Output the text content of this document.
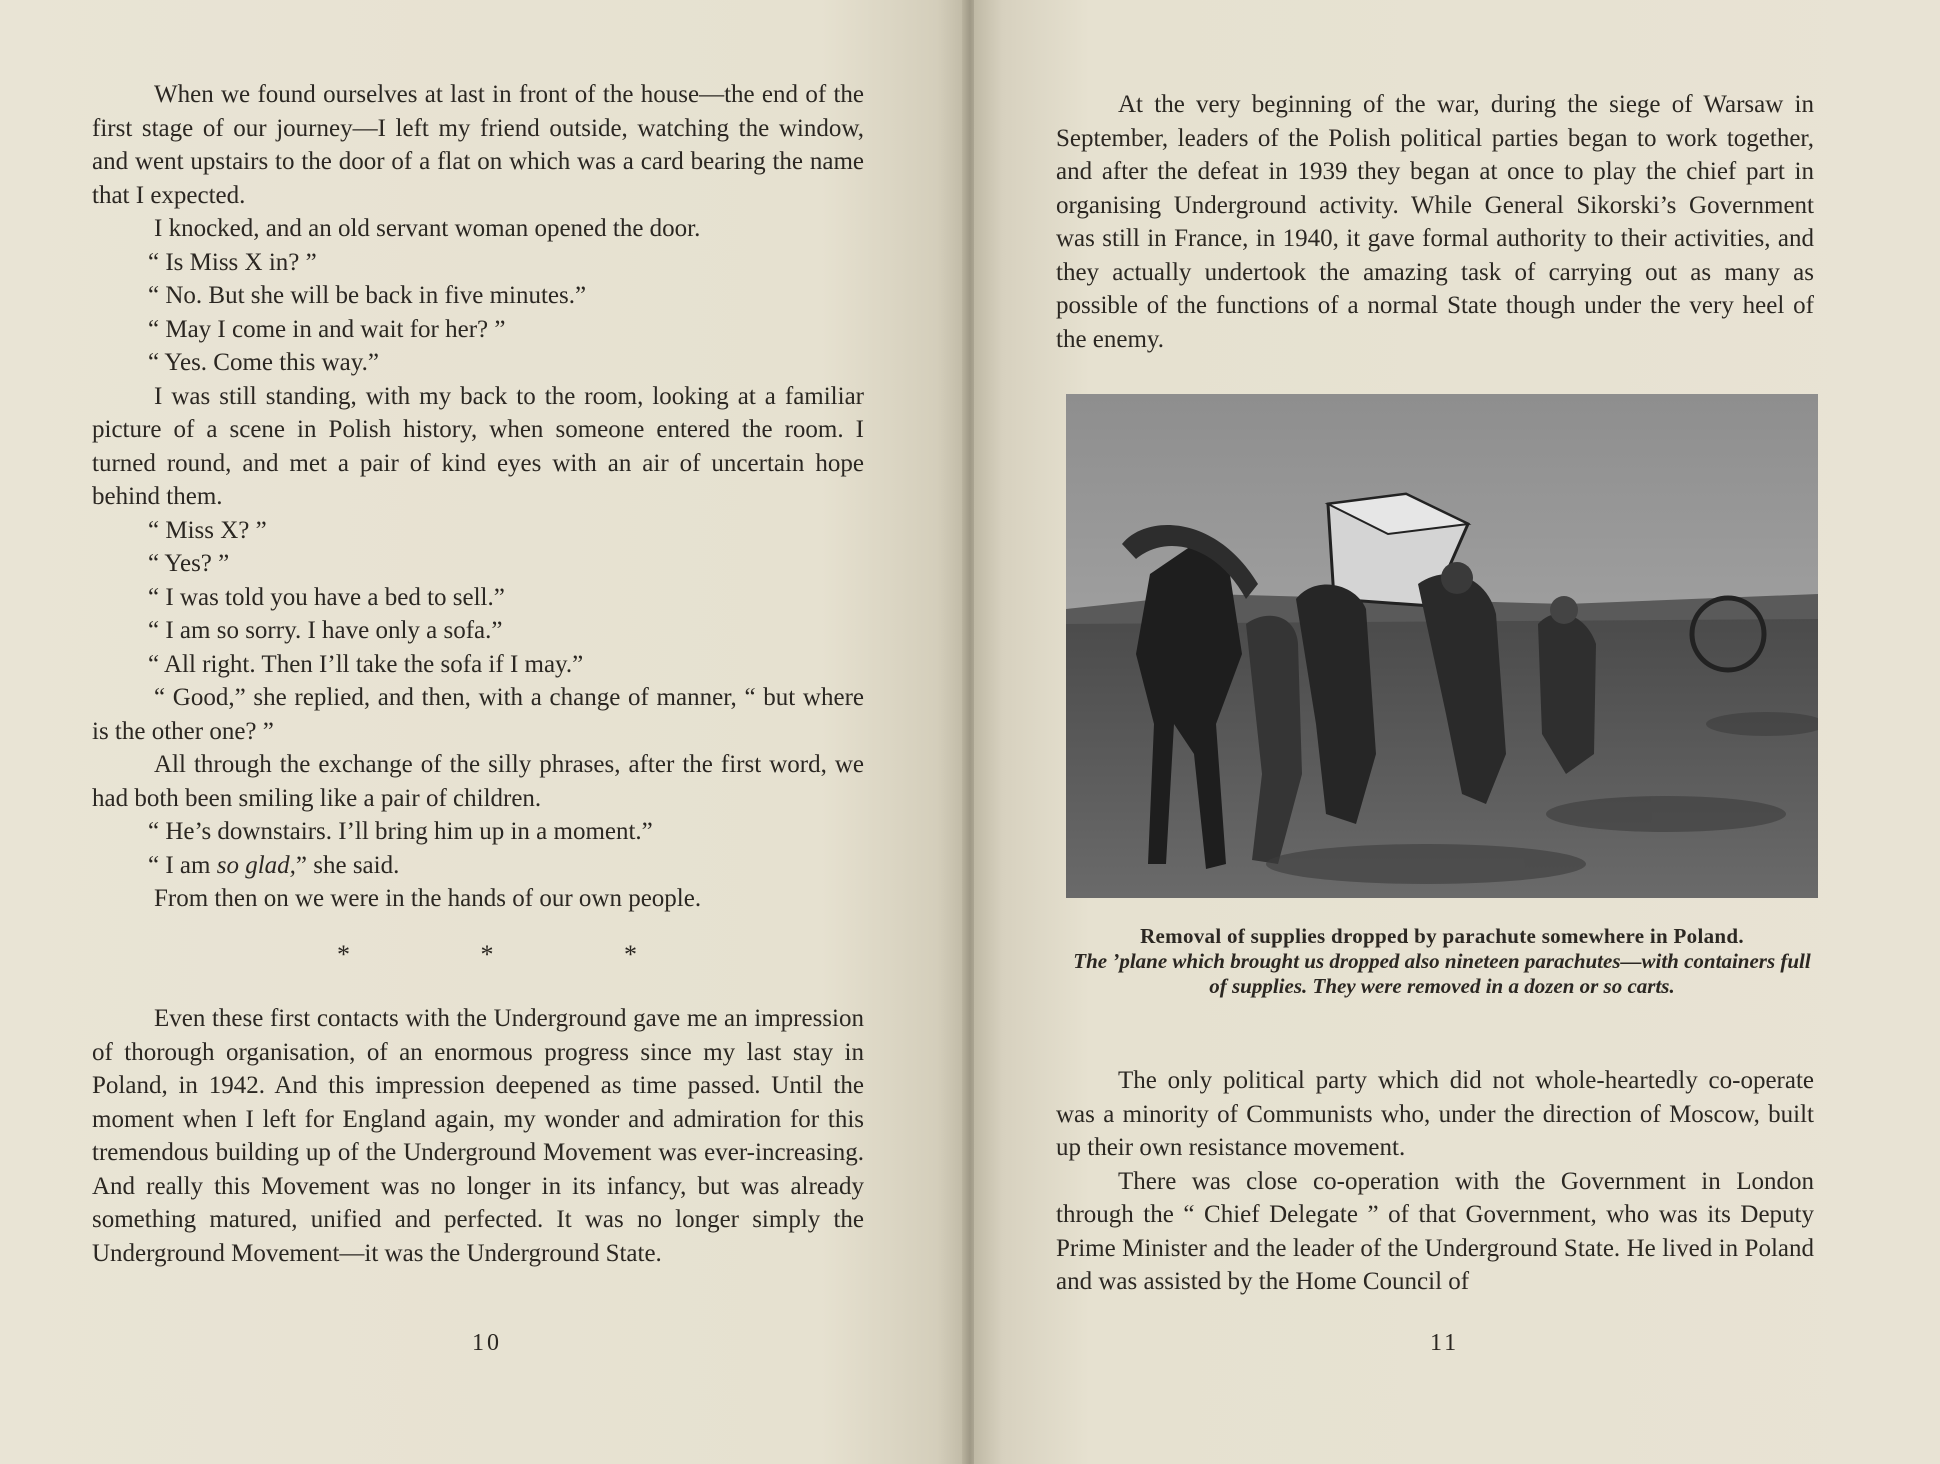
When we found ourselves at last in front of the house—the end of the first stage of our journey—I left my friend outside, watching the window, and went upstairs to the door of a flat on which was a card bearing the name that I expected.

I knocked, and an old servant woman opened the door.

“ Is Miss X in? ”

“ No. But she will be back in five minutes.”

“ May I come in and wait for her? ”

“ Yes. Come this way.”

I was still standing, with my back to the room, looking at a familiar picture of a scene in Polish history, when someone entered the room. I turned round, and met a pair of kind eyes with an air of uncertain hope behind them.

“ Miss X? ”

“ Yes? ”

“ I was told you have a bed to sell.”

“ I am so sorry. I have only a sofa.”

“ All right. Then I’ll take the sofa if I may.”

“ Good,” she replied, and then, with a change of manner, “ but where is the other one? ”

All through the exchange of the silly phrases, after the first word, we had both been smiling like a pair of children.

“ He’s downstairs. I’ll bring him up in a moment.”

“ I am so glad,” she said.

From then on we were in the hands of our own people.

* * *

Even these first contacts with the Underground gave me an impression of thorough organisation, of an enormous progress since my last stay in Poland, in 1942. And this impression deepened as time passed. Until the moment when I left for England again, my wonder and admiration for this tremendous building up of the Underground Movement was ever-increasing. And really this Movement was no longer in its infancy, but was already something matured, unified and perfected. It was no longer simply the Underground Movement—it was the Underground State.

10

At the very beginning of the war, during the siege of Warsaw in September, leaders of the Polish political parties began to work together, and after the defeat in 1939 they began at once to play the chief part in organising Underground activity. While General Sikorski’s Government was still in France, in 1940, it gave formal authority to their activities, and they actually undertook the amazing task of carrying out as many as possible of the functions of a normal State though under the very heel of the enemy.

Removal of supplies dropped by parachute somewhere in Poland.
The ’plane which brought us dropped also nineteen parachutes—with containers full of supplies. They were removed in a dozen or so carts.

The only political party which did not whole-heartedly co-operate was a minority of Communists who, under the direction of Moscow, built up their own resistance movement.

There was close co-operation with the Government in London through the “ Chief Delegate ” of that Government, who was its Deputy Prime Minister and the leader of the Underground State. He lived in Poland and was assisted by the Home Council of

11
